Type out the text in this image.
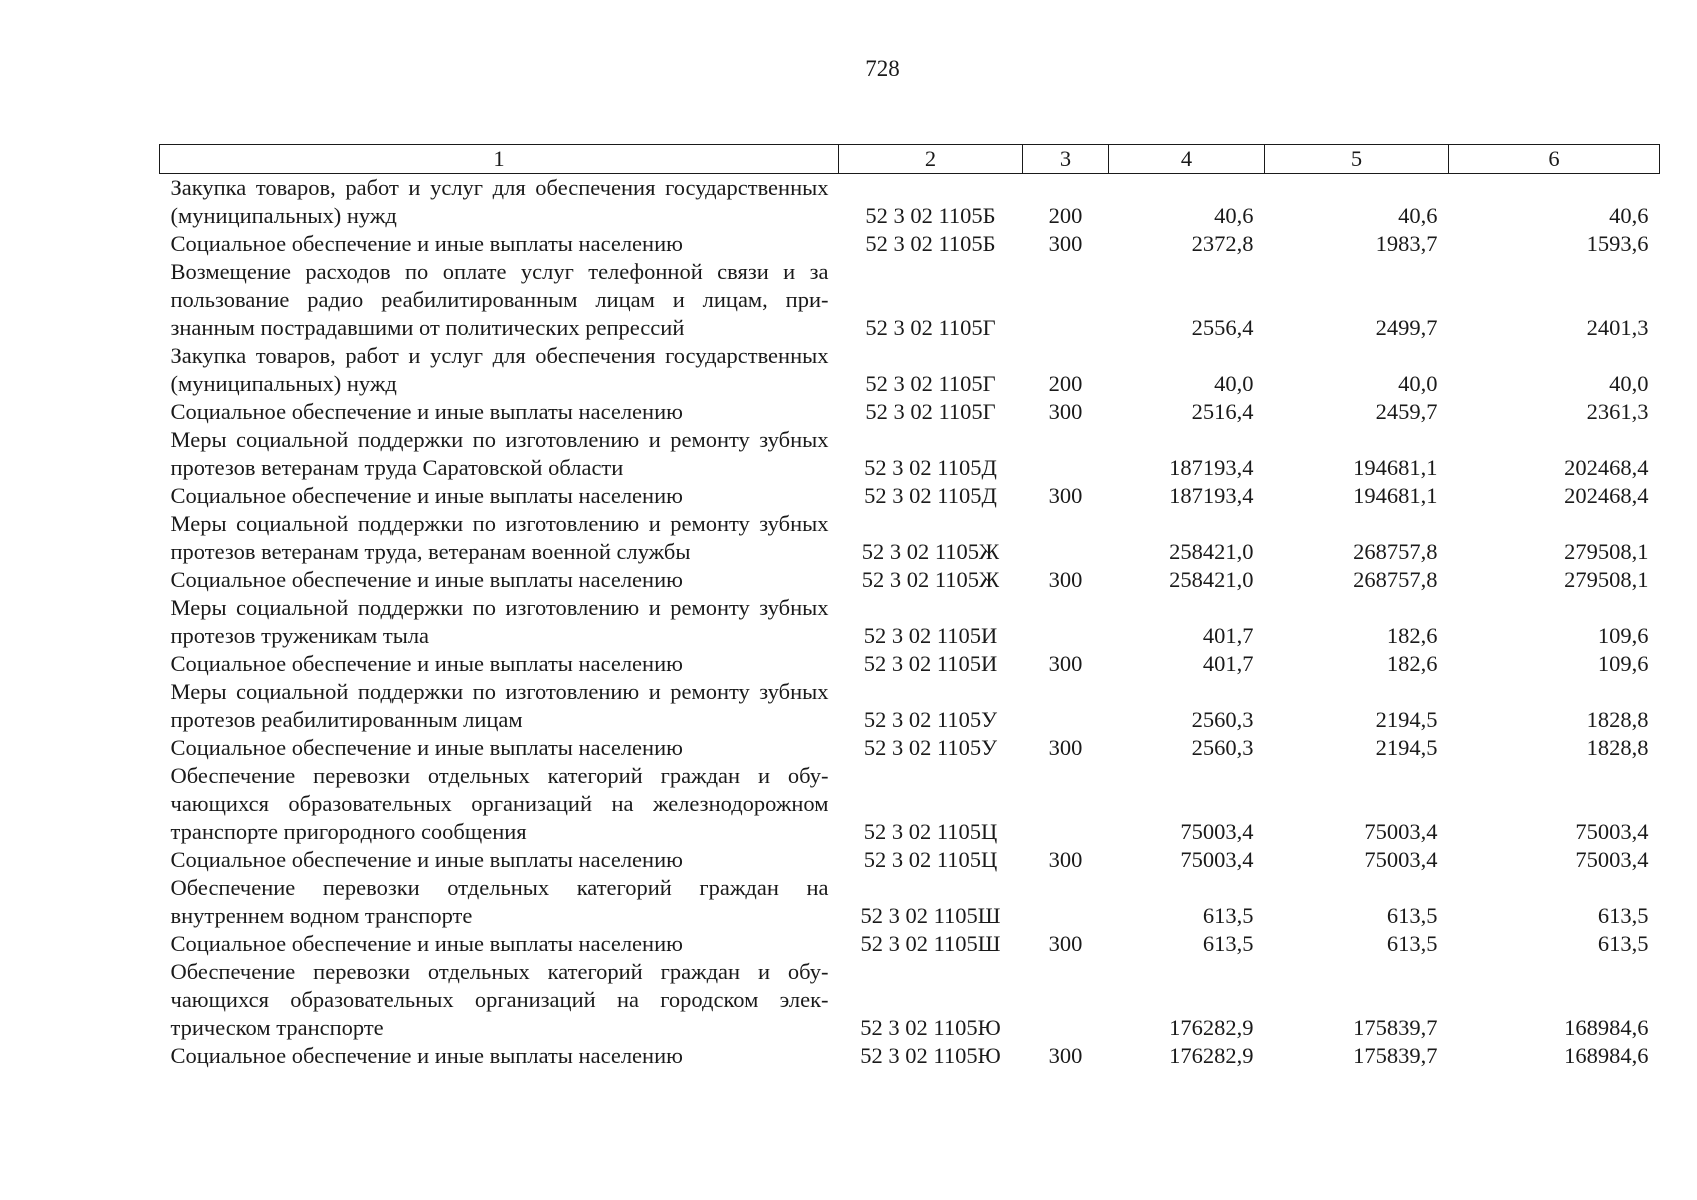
728
1	2	3	4	5	6
Закупка товаров, работ и услуг для обеспечения государственных (муниципальных) нужд	52 3 02 1105Б	200	40,6	40,6	40,6
Социальное обеспечение и иные выплаты населению	52 3 02 1105Б	300	2372,8	1983,7	1593,6
Возмещение расходов по оплате услуг телефонной связи и за пользование радио реабилитированным лицам и лицам, признанным пострадавшими от политических репрессий	52 3 02 1105Г		2556,4	2499,7	2401,3
Закупка товаров, работ и услуг для обеспечения государственных (муниципальных) нужд	52 3 02 1105Г	200	40,0	40,0	40,0
Социальное обеспечение и иные выплаты населению	52 3 02 1105Г	300	2516,4	2459,7	2361,3
Меры социальной поддержки по изготовлению и ремонту зубных протезов ветеранам труда Саратовской области	52 3 02 1105Д		187193,4	194681,1	202468,4
Социальное обеспечение и иные выплаты населению	52 3 02 1105Д	300	187193,4	194681,1	202468,4
Меры социальной поддержки по изготовлению и ремонту зубных протезов ветеранам труда, ветеранам военной службы	52 3 02 1105Ж		258421,0	268757,8	279508,1
Социальное обеспечение и иные выплаты населению	52 3 02 1105Ж	300	258421,0	268757,8	279508,1
Меры социальной поддержки по изготовлению и ремонту зубных протезов труженикам тыла	52 3 02 1105И		401,7	182,6	109,6
Социальное обеспечение и иные выплаты населению	52 3 02 1105И	300	401,7	182,6	109,6
Меры социальной поддержки по изготовлению и ремонту зубных протезов реабилитированным лицам	52 3 02 1105У		2560,3	2194,5	1828,8
Социальное обеспечение и иные выплаты населению	52 3 02 1105У	300	2560,3	2194,5	1828,8
Обеспечение перевозки отдельных категорий граждан и обучающихся образовательных организаций на железнодорожном транспорте пригородного сообщения	52 3 02 1105Ц		75003,4	75003,4	75003,4
Социальное обеспечение и иные выплаты населению	52 3 02 1105Ц	300	75003,4	75003,4	75003,4
Обеспечение перевозки отдельных категорий граждан на внутреннем водном транспорте	52 3 02 1105Ш		613,5	613,5	613,5
Социальное обеспечение и иные выплаты населению	52 3 02 1105Ш	300	613,5	613,5	613,5
Обеспечение перевозки отдельных категорий граждан и обучающихся образовательных организаций на городском электрическом транспорте	52 3 02 1105Ю		176282,9	175839,7	168984,6
Социальное обеспечение и иные выплаты населению	52 3 02 1105Ю	300	176282,9	175839,7	168984,6
